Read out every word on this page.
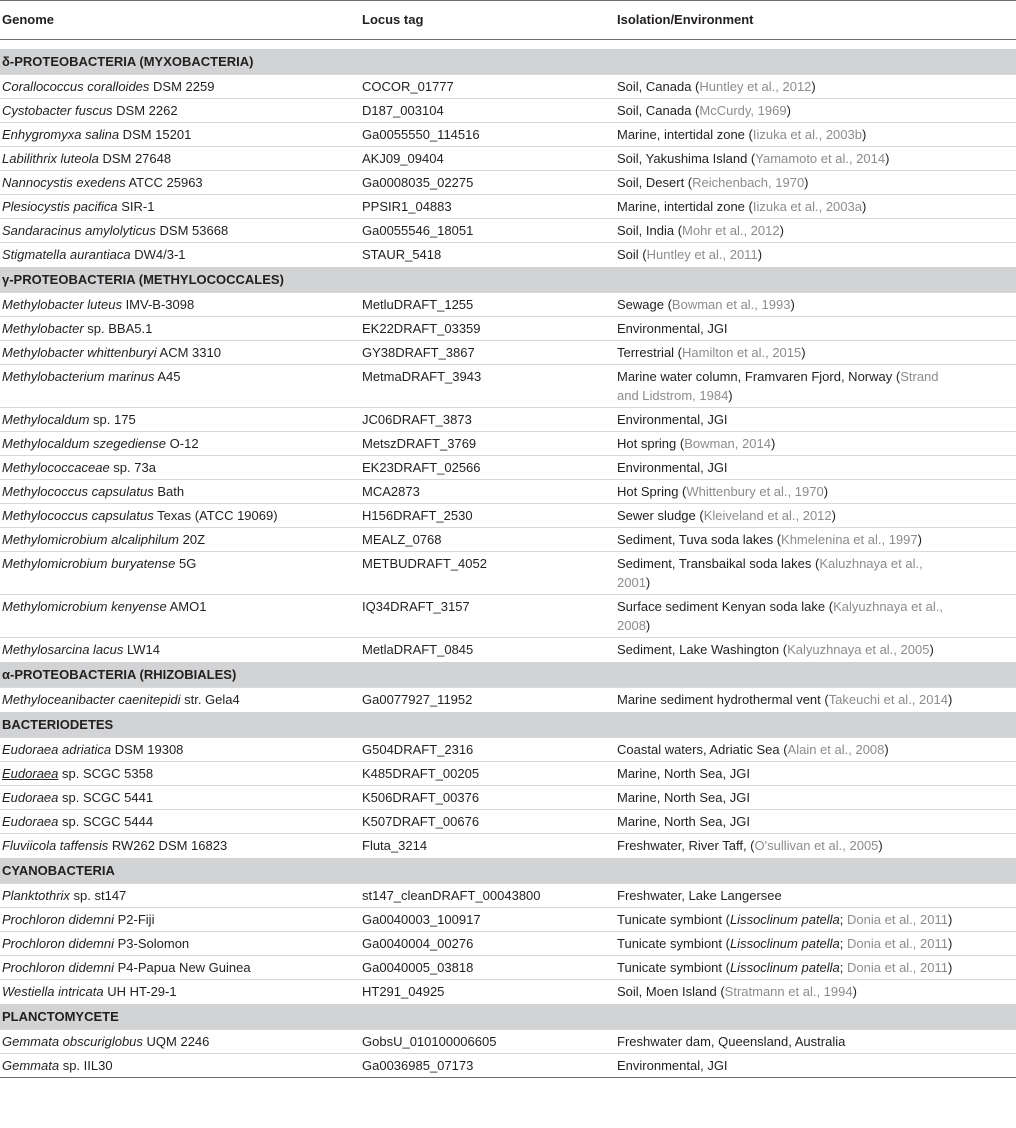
Genome	Locus tag	Isolation/Environment

δ-PROTEOBACTERIA (MYXOBACTERIA)		
Corallococcus coralloides DSM 2259	COCOR_01777	Soil, Canada (Huntley et al., 2012)
Cystobacter fuscus DSM 2262	D187_003104	Soil, Canada (McCurdy, 1969)
Enhygromyxa salina DSM 15201	Ga0055550_114516	Marine, intertidal zone (Iizuka et al., 2003b)
Labilithrix luteola DSM 27648	AKJ09_09404	Soil, Yakushima Island (Yamamoto et al., 2014)
Nannocystis exedens ATCC 25963	Ga0008035_02275	Soil, Desert (Reichenbach, 1970)
Plesiocystis pacifica SIR-1	PPSIR1_04883	Marine, intertidal zone (Iizuka et al., 2003a)
Sandaracinus amylolyticus DSM 53668	Ga0055546_18051	Soil, India (Mohr et al., 2012)
Stigmatella aurantiaca DW4/3-1	STAUR_5418	Soil (Huntley et al., 2011)
γ-PROTEOBACTERIA (METHYLOCOCCALES)		
Methylobacter luteus IMV-B-3098	MetluDRAFT_1255	Sewage (Bowman et al., 1993)
Methylobacter sp. BBA5.1	EK22DRAFT_03359	Environmental, JGI
Methylobacter whittenburyi ACM 3310	GY38DRAFT_3867	Terrestrial (Hamilton et al., 2015)
Methylobacterium marinus A45	MetmaDRAFT_3943	Marine water column, Framvaren Fjord, Norway (Strand and Lidstrom, 1984)
Methylocaldum sp. 175	JC06DRAFT_3873	Environmental, JGI
Methylocaldum szegediense O-12	MetszDRAFT_3769	Hot spring (Bowman, 2014)
Methylococcaceae sp. 73a	EK23DRAFT_02566	Environmental, JGI
Methylococcus capsulatus Bath	MCA2873	Hot Spring (Whittenbury et al., 1970)
Methylococcus capsulatus Texas (ATCC 19069)	H156DRAFT_2530	Sewer sludge (Kleiveland et al., 2012)
Methylomicrobium alcaliphilum 20Z	MEALZ_0768	Sediment, Tuva soda lakes (Khmelenina et al., 1997)
Methylomicrobium buryatense 5G	METBUDRAFT_4052	Sediment, Transbaikal soda lakes (Kaluzhnaya et al., 2001)
Methylomicrobium kenyense AMO1	IQ34DRAFT_3157	Surface sediment Kenyan soda lake (Kalyuzhnaya et al., 2008)
Methylosarcina lacus LW14	MetlaDRAFT_0845	Sediment, Lake Washington (Kalyuzhnaya et al., 2005)
α-PROTEOBACTERIA (RHIZOBIALES)		
Methyloceanibacter caenitepidi str. Gela4	Ga0077927_11952	Marine sediment hydrothermal vent (Takeuchi et al., 2014)
BACTERIODETES		
Eudoraea adriatica DSM 19308	G504DRAFT_2316	Coastal waters, Adriatic Sea (Alain et al., 2008)
Eudoraea sp. SCGC 5358	K485DRAFT_00205	Marine, North Sea, JGI
Eudoraea sp. SCGC 5441	K506DRAFT_00376	Marine, North Sea, JGI
Eudoraea sp. SCGC 5444	K507DRAFT_00676	Marine, North Sea, JGI
Fluviicola taffensis RW262 DSM 16823	Fluta_3214	Freshwater, River Taff, (O'sullivan et al., 2005)
CYANOBACTERIA		
Planktothrix sp. st147	st147_cleanDRAFT_00043800	Freshwater, Lake Langersee
Prochloron didemni P2-Fiji	Ga0040003_100917	Tunicate symbiont (Lissoclinum patella; Donia et al., 2011)
Prochloron didemni P3-Solomon	Ga0040004_00276	Tunicate symbiont (Lissoclinum patella; Donia et al., 2011)
Prochloron didemni P4-Papua New Guinea	Ga0040005_03818	Tunicate symbiont (Lissoclinum patella; Donia et al., 2011)
Westiella intricata UH HT-29-1	HT291_04925	Soil, Moen Island (Stratmann et al., 1994)
PLANCTOMYCETE		
Gemmata obscuriglobus UQM 2246	GobsU_010100006605	Freshwater dam, Queensland, Australia
Gemmata sp. IIL30	Ga0036985_07173	Environmental, JGI
